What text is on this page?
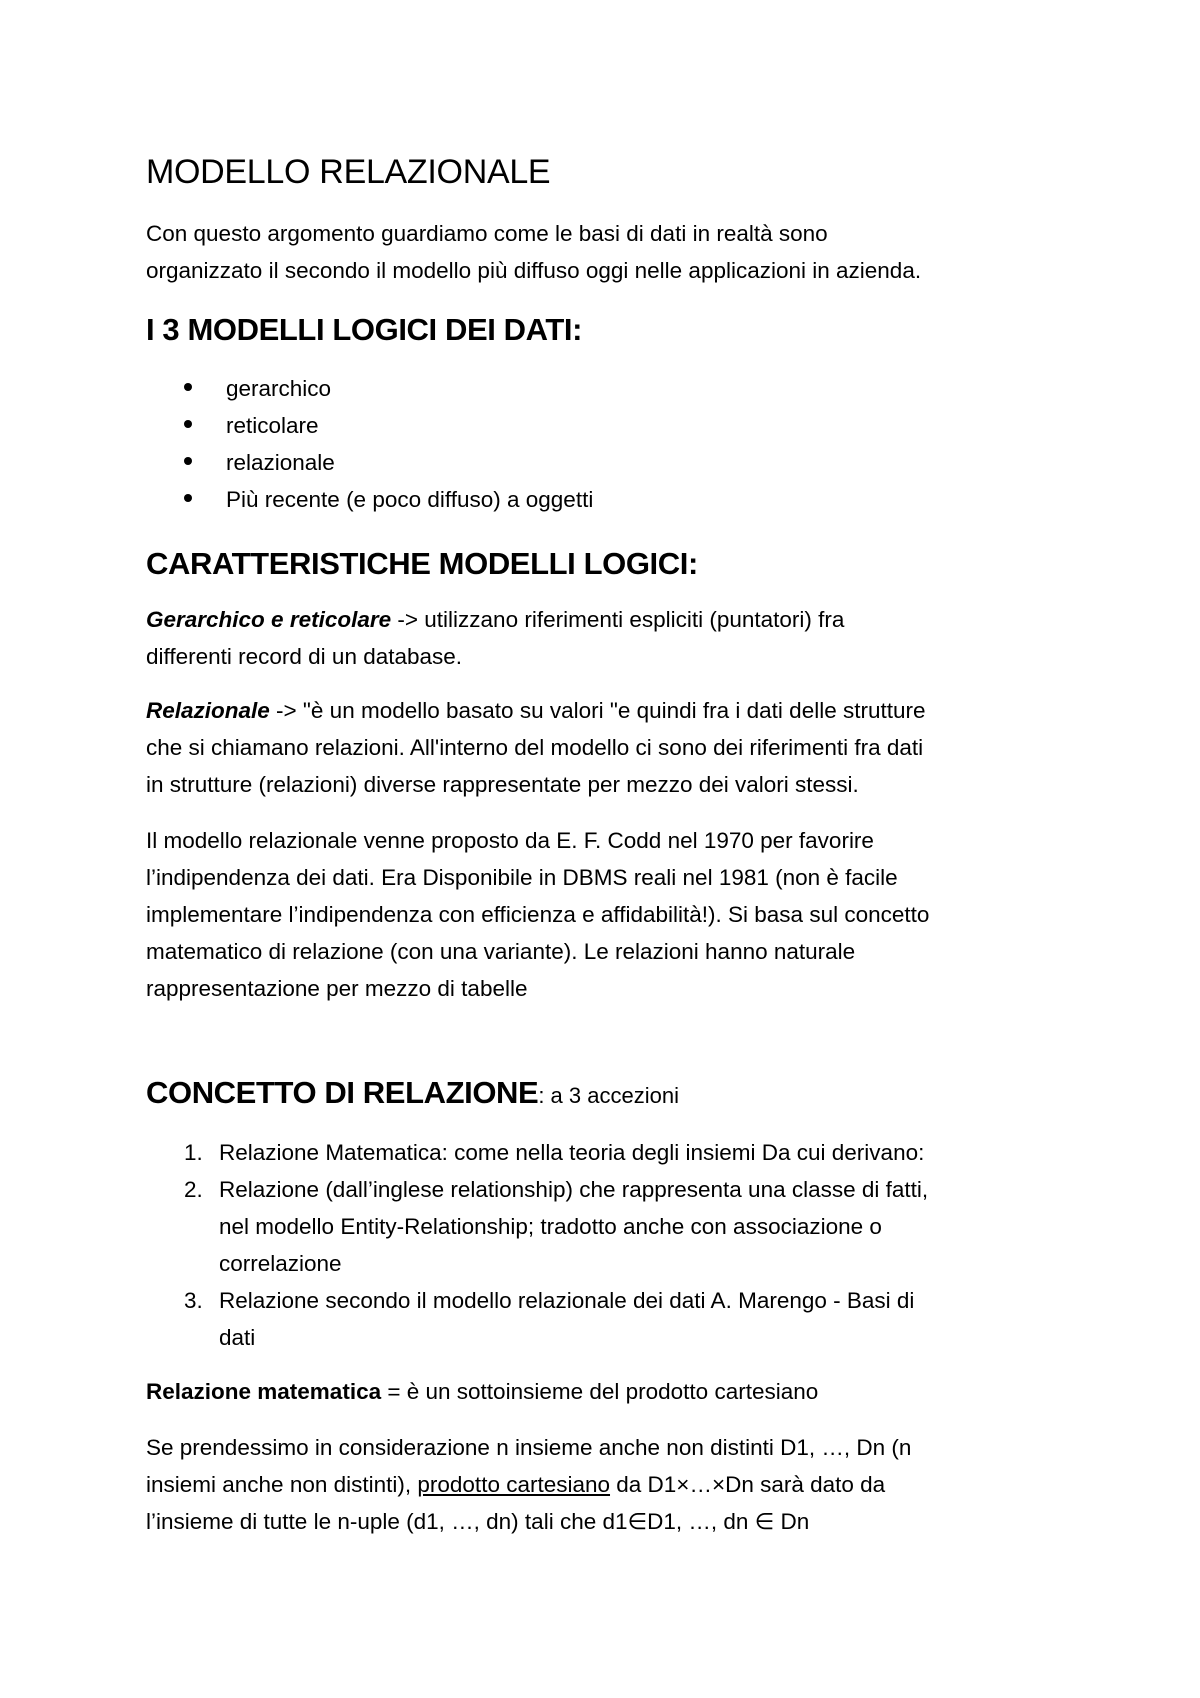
MODELLO RELAZIONALE
Con questo argomento guardiamo come le basi di dati in realtà sono
organizzato il secondo il modello più diffuso oggi nelle applicazioni in azienda.
I 3 MODELLI LOGICI DEI DATI:
gerarchico
reticolare
relazionale
Più recente (e poco diffuso) a oggetti
CARATTERISTICHE MODELLI LOGICI:
Gerarchico e reticolare -> utilizzano riferimenti espliciti (puntatori) fra
differenti record di un database.
Relazionale -> "è un modello basato su valori "e quindi fra i dati delle strutture
che si chiamano relazioni. All'interno del modello ci sono dei riferimenti fra dati
in strutture (relazioni) diverse rappresentate per mezzo dei valori stessi.
Il modello relazionale venne proposto da E. F. Codd nel 1970 per favorire
l’indipendenza dei dati. Era Disponibile in DBMS reali nel 1981 (non è facile
implementare l’indipendenza con efficienza e affidabilità!). Si basa sul concetto
matematico di relazione (con una variante). Le relazioni hanno naturale
rappresentazione per mezzo di tabelle
CONCETTO DI RELAZIONE: a 3 accezioni
1. Relazione Matematica: come nella teoria degli insiemi Da cui derivano:
2. Relazione (dall’inglese relationship) che rappresenta una classe di fatti,
nel modello Entity-Relationship; tradotto anche con associazione o
correlazione
3. Relazione secondo il modello relazionale dei dati A. Marengo - Basi di
dati
Relazione matematica = è un sottoinsieme del prodotto cartesiano
Se prendessimo in considerazione n insieme anche non distinti D1, …, Dn (n
insiemi anche non distinti), prodotto cartesiano da D1×…×Dn sarà dato da
l’insieme di tutte le n-uple (d1, …, dn) tali che d1∈D1, …, dn ∈ Dn
